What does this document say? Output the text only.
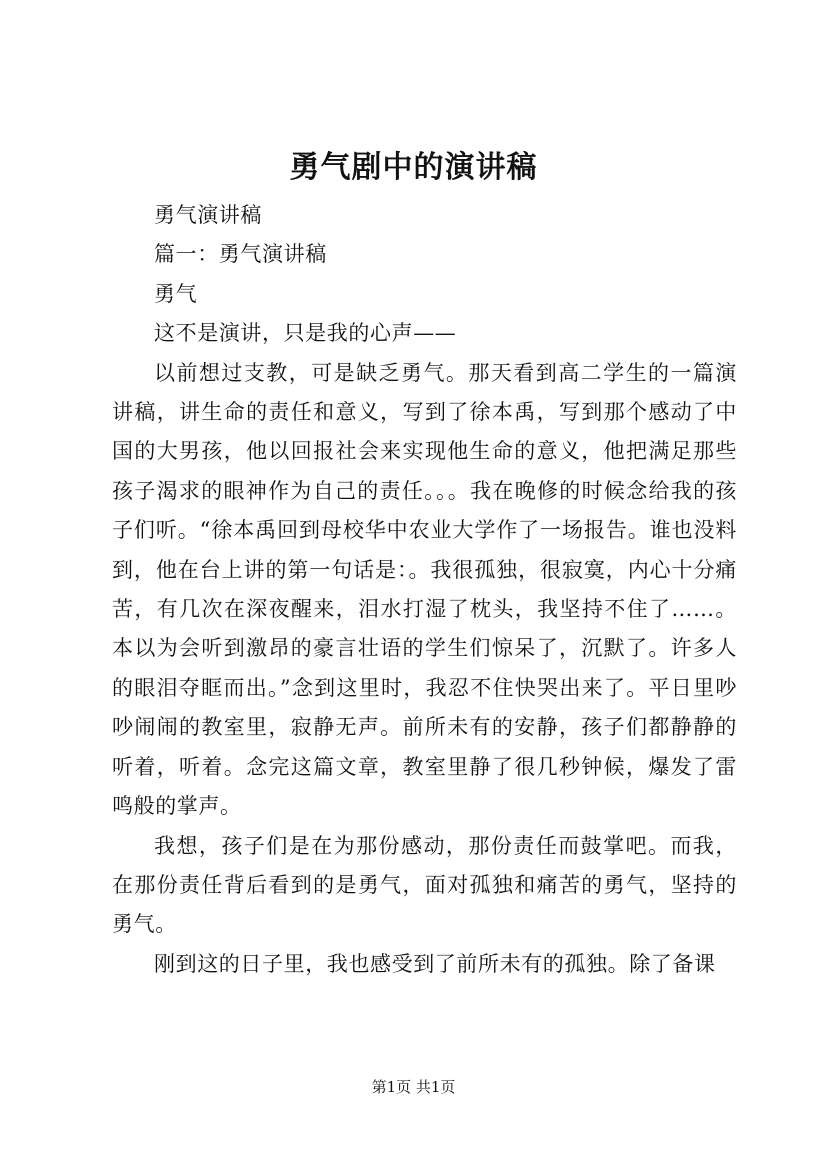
勇气剧中的演讲稿

勇气演讲稿

篇一：勇气演讲稿

勇气

这不是演讲，只是我的心声——

以前想过支教，可是缺乏勇气。那天看到高二学生的一篇演讲稿，讲生命的责任和意义，写到了徐本禹，写到那个感动了中国的大男孩，他以回报社会来实现他生命的意义，他把满足那些孩子渴求的眼神作为自己的责任。。。我在晚修的时候念给我的孩子们听。“徐本禹回到母校华中农业大学作了一场报告。谁也没料到，他在台上讲的第一句话是：。我很孤独，很寂寞，内心十分痛苦，有几次在深夜醒来，泪水打湿了枕头，我坚持不住了……。本以为会听到激昂的豪言壮语的学生们惊呆了，沉默了。许多人的眼泪夺眶而出。”念到这里时，我忍不住快哭出来了。平日里吵吵闹闹的教室里，寂静无声。前所未有的安静，孩子们都静静的听着，听着。念完这篇文章，教室里静了很几秒钟候，爆发了雷鸣般的掌声。

我想，孩子们是在为那份感动，那份责任而鼓掌吧。而我，在那份责任背后看到的是勇气，面对孤独和痛苦的勇气，坚持的勇气。

刚到这的日子里，我也感受到了前所未有的孤独。除了备课

第1页 共1页
